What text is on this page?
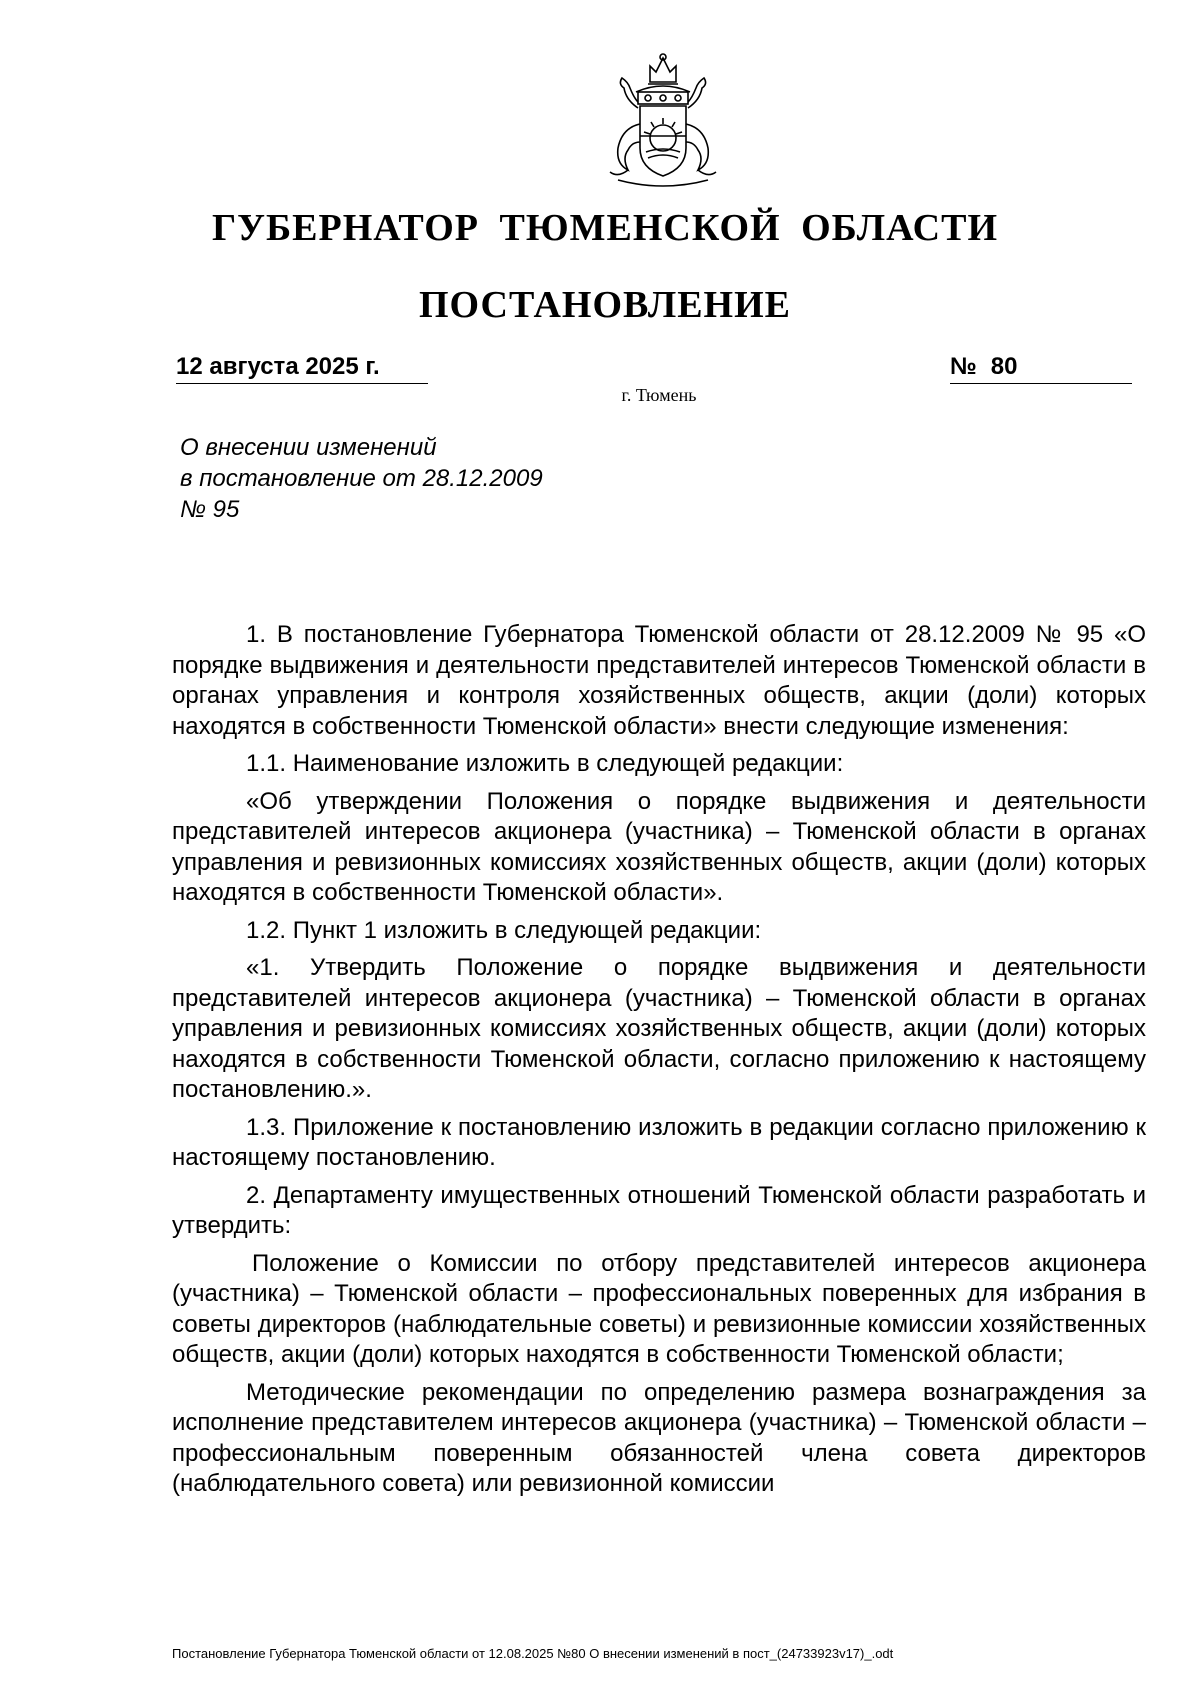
ГУБЕРНАТОР ТЮМЕНСКОЙ ОБЛАСТИ
ПОСТАНОВЛЕНИЕ
12 августа 2025 г.	№ 80
г. Тюмень
О внесении изменений
в постановление от 28.12.2009
№ 95

1. В постановление Губернатора Тюменской области от 28.12.2009 № 95 «О порядке выдвижения и деятельности представителей интересов Тюменской области в органах управления и контроля хозяйственных обществ, акции (доли) которых находятся в собственности Тюменской области» внести следующие изменения:

1.1. Наименование изложить в следующей редакции:

«Об утверждении Положения о порядке выдвижения и деятельности представителей интересов акционера (участника) – Тюменской области в органах управления и ревизионных комиссиях хозяйственных обществ, акции (доли) которых находятся в собственности Тюменской области».

1.2. Пункт 1 изложить в следующей редакции:

«1. Утвердить Положение о порядке выдвижения и деятельности представителей интересов акционера (участника) – Тюменской области в органах управления и ревизионных комиссиях хозяйственных обществ, акции (доли) которых находятся в собственности Тюменской области, согласно приложению к настоящему постановлению.».

1.3. Приложение к постановлению изложить в редакции согласно приложению к настоящему постановлению.

2. Департаменту имущественных отношений Тюменской области разработать и утвердить:

Положение о Комиссии по отбору представителей интересов акционера (участника) – Тюменской области – профессиональных поверенных для избрания в советы директоров (наблюдательные советы) и ревизионные комиссии хозяйственных обществ, акции (доли) которых находятся в собственности Тюменской области;

Методические рекомендации по определению размера вознаграждения за исполнение представителем интересов акционера (участника) – Тюменской области – профессиональным поверенным обязанностей члена совета директоров (наблюдательного совета) или ревизионной комиссии

Постановление Губернатора Тюменской области от 12.08.2025 №80 О внесении изменений в пост_(24733923v17)_.odt
